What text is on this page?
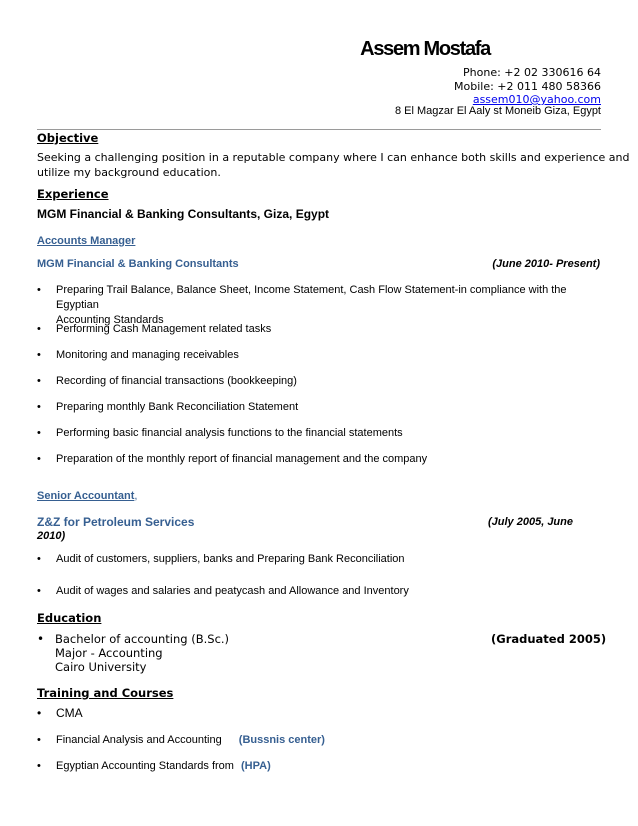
Assem Mostafa
Phone: +2 02 330616 64
Mobile: +2 011 480 58366
assem010@yahoo.com
8 El Magzar El Aaly st Moneib Giza, Egypt
Objective
Seeking a challenging position in a reputable company where I can enhance both skills and experience and
utilize my background education.
Experience
MGM Financial & Banking Consultants, Giza, Egypt
Accounts Manager
MGM Financial & Banking Consultants	(June 2010- Present)
• Preparing Trail Balance, Balance Sheet, Income Statement, Cash Flow Statement-in compliance with the Egyptian
Accounting Standards
• Performing Cash Management related tasks
• Monitoring and managing receivables
• Recording of financial transactions (bookkeeping)
• Preparing monthly Bank Reconciliation Statement
• Performing basic financial analysis functions to the financial statements
• Preparation of the monthly report of financial management and the company
Senior Accountant,
Z&Z for Petroleum Services	(July 2005, June
2010)
• Audit of customers, suppliers, banks and Preparing Bank Reconciliation
• Audit of wages and salaries and peatycash and Allowance and Inventory
Education
• Bachelor of accounting (B.Sc.)
Major - Accounting
Cairo University
(Graduated 2005)
Training and Courses
• CMA
• Financial Analysis and Accounting (Bussnis center)
• Egyptian Accounting Standards from (HPA)
